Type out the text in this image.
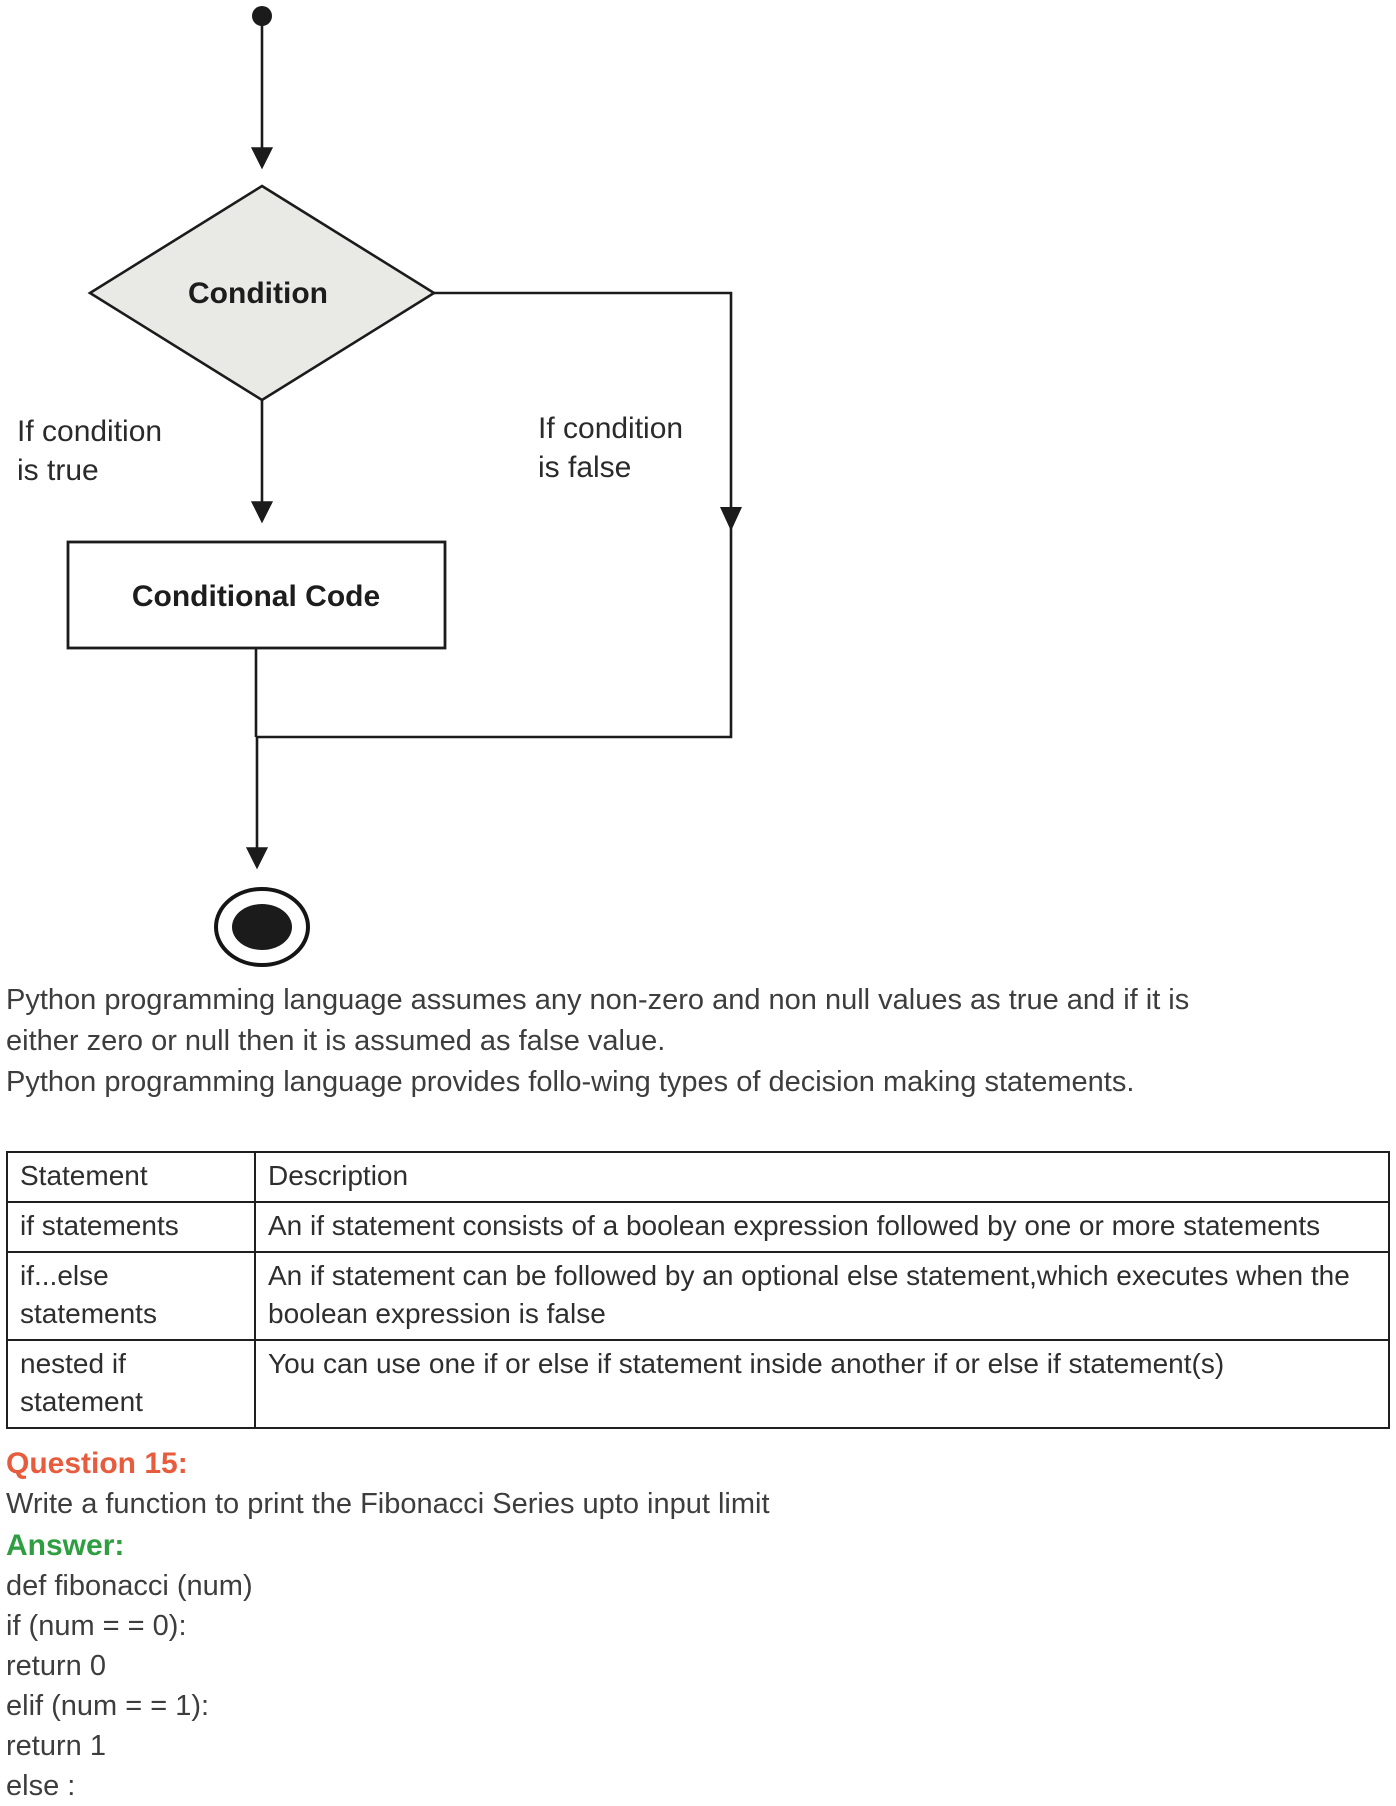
Condition
If condition
is true
If condition
is false
Conditional Code
Python programming language assumes any non-zero and non null values as true and if it is
either zero or null then it is assumed as false value.
Python programming language provides follo-wing types of decision making statements.
Statement	Description
if statements	An if statement consists of a boolean expression followed by one or more statements
if...else statements	An if statement can be followed by an optional else statement,which executes when the boolean expression is false
nested if statement	You can use one if or else if statement inside another if or else if statement(s)
Question 15:
Write a function to print the Fibonacci Series upto input limit
Answer:
def fibonacci (num)
if (num = = 0):
return 0
elif (num = = 1):
return 1
else :
